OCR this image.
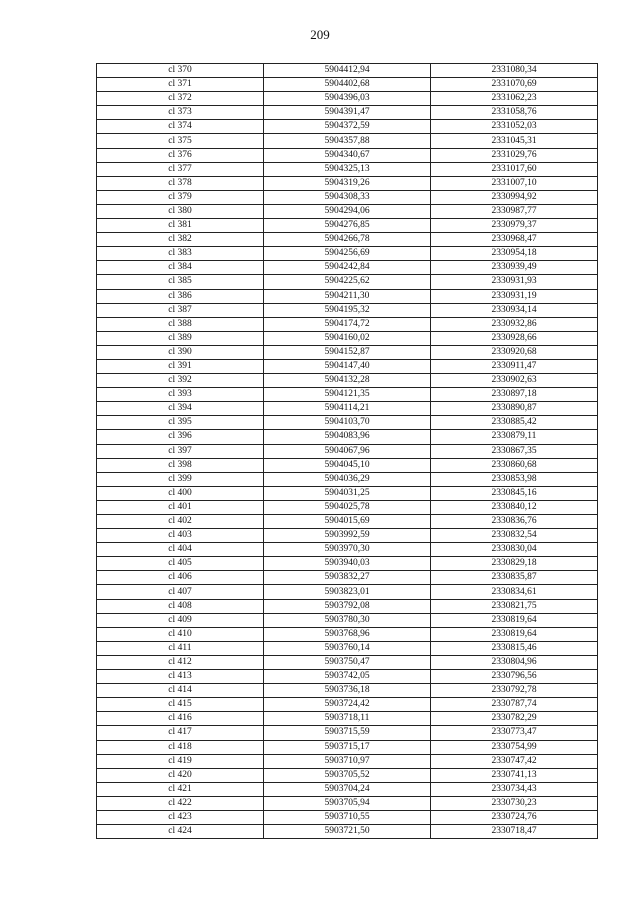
209
cl 370	5904412,94	2331080,34
cl 371	5904402,68	2331070,69
cl 372	5904396,03	2331062,23
cl 373	5904391,47	2331058,76
cl 374	5904372,59	2331052,03
cl 375	5904357,88	2331045,31
cl 376	5904340,67	2331029,76
cl 377	5904325,13	2331017,60
cl 378	5904319,26	2331007,10
cl 379	5904308,33	2330994,92
cl 380	5904294,06	2330987,77
cl 381	5904276,85	2330979,37
cl 382	5904266,78	2330968,47
cl 383	5904256,69	2330954,18
cl 384	5904242,84	2330939,49
cl 385	5904225,62	2330931,93
cl 386	5904211,30	2330931,19
cl 387	5904195,32	2330934,14
cl 388	5904174,72	2330932,86
cl 389	5904160,02	2330928,66
cl 390	5904152,87	2330920,68
cl 391	5904147,40	2330911,47
cl 392	5904132,28	2330902,63
cl 393	5904121,35	2330897,18
cl 394	5904114,21	2330890,87
cl 395	5904103,70	2330885,42
cl 396	5904083,96	2330879,11
cl 397	5904067,96	2330867,35
cl 398	5904045,10	2330860,68
cl 399	5904036,29	2330853,98
cl 400	5904031,25	2330845,16
cl 401	5904025,78	2330840,12
cl 402	5904015,69	2330836,76
cl 403	5903992,59	2330832,54
cl 404	5903970,30	2330830,04
cl 405	5903940,03	2330829,18
cl 406	5903832,27	2330835,87
cl 407	5903823,01	2330834,61
cl 408	5903792,08	2330821,75
cl 409	5903780,30	2330819,64
cl 410	5903768,96	2330819,64
cl 411	5903760,14	2330815,46
cl 412	5903750,47	2330804,96
cl 413	5903742,05	2330796,56
cl 414	5903736,18	2330792,78
cl 415	5903724,42	2330787,74
cl 416	5903718,11	2330782,29
cl 417	5903715,59	2330773,47
cl 418	5903715,17	2330754,99
cl 419	5903710,97	2330747,42
cl 420	5903705,52	2330741,13
cl 421	5903704,24	2330734,43
cl 422	5903705,94	2330730,23
cl 423	5903710,55	2330724,76
cl 424	5903721,50	2330718,47
